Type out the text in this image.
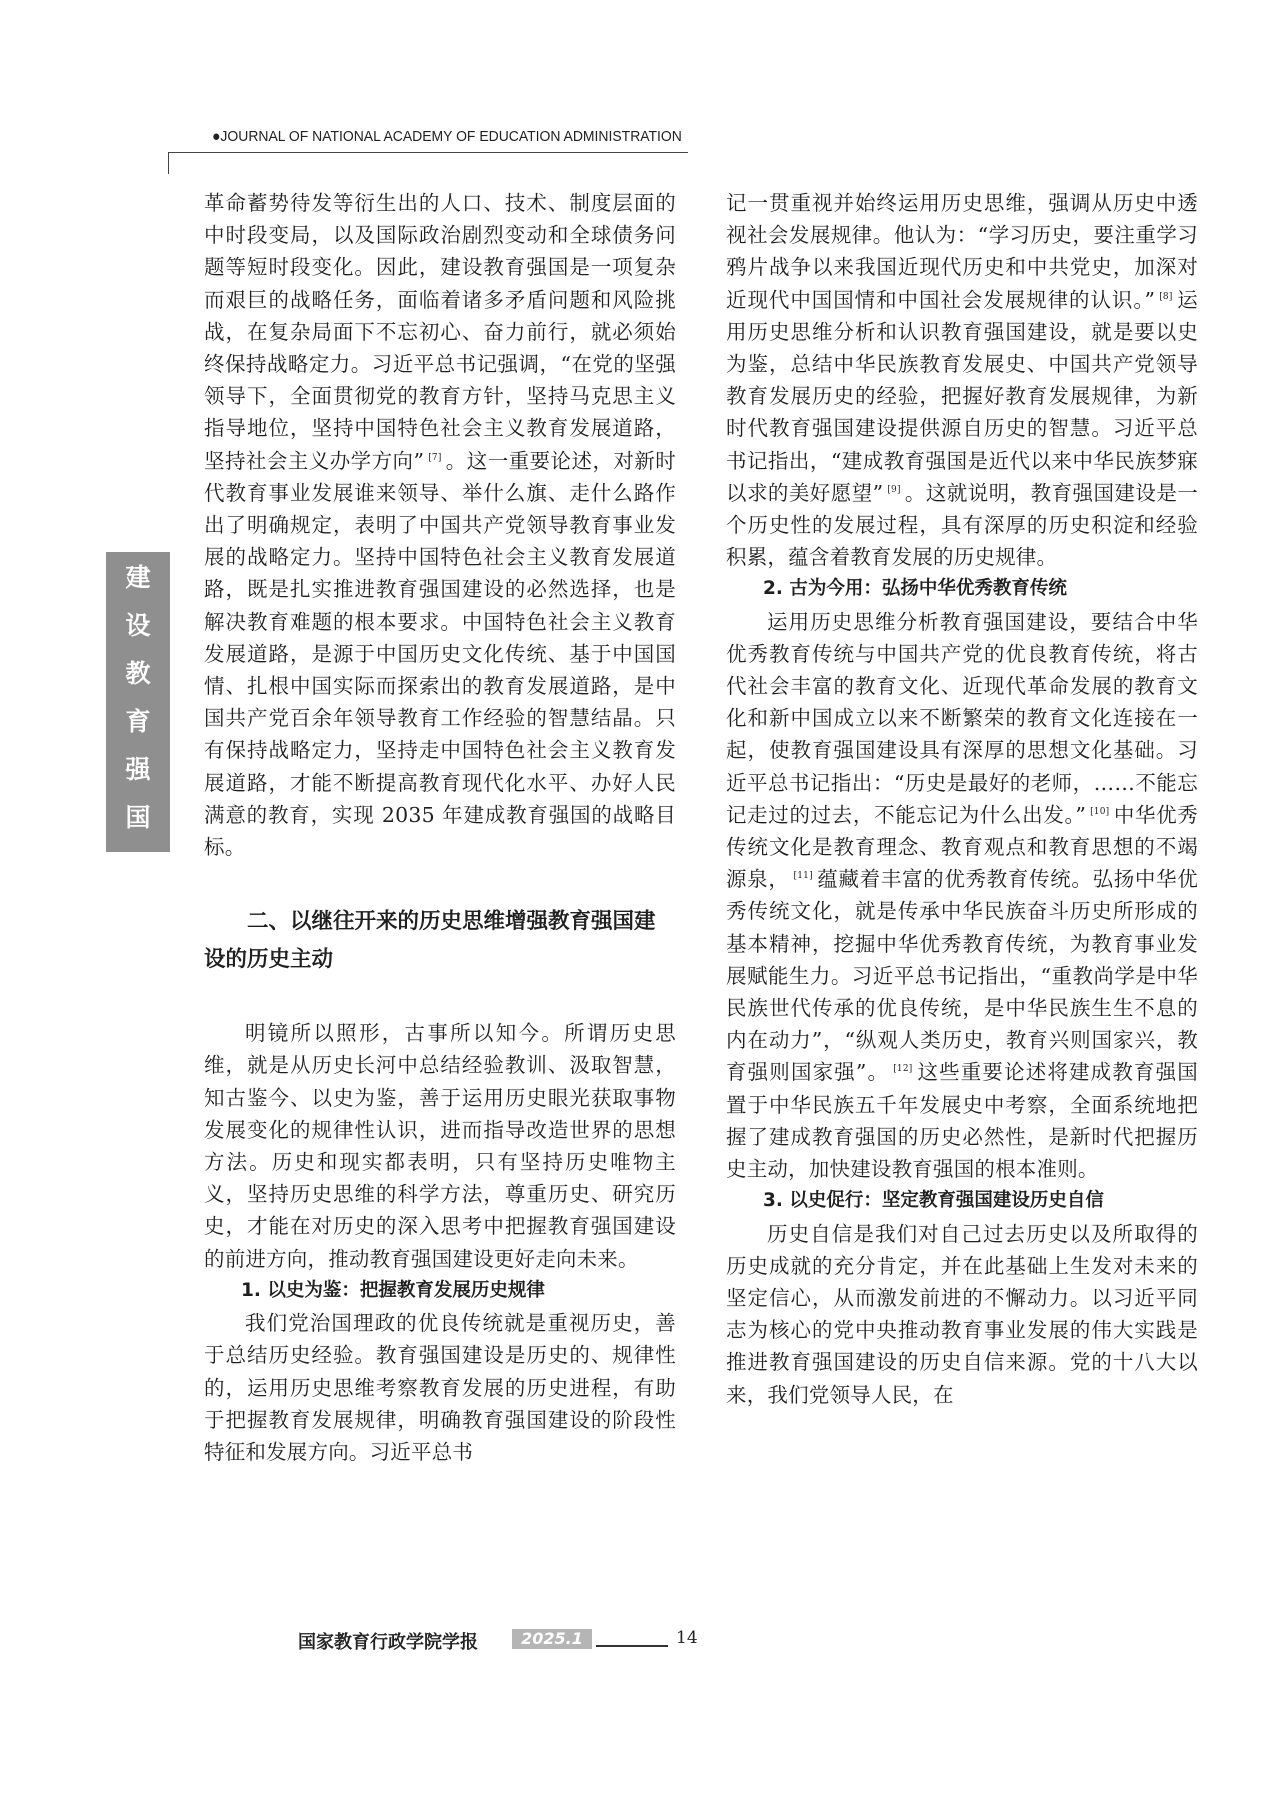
●JOURNAL OF NATIONAL ACADEMY OF EDUCATION ADMINISTRATION
建
设
教
育
强
国

革命蓄势待发等衍生出的人口、技术、制度层面的中时段变局，以及国际政治剧烈变动和全球债务问题等短时段变化。因此，建设教育强国是一项复杂而艰巨的战略任务，面临着诸多矛盾问题和风险挑战，在复杂局面下不忘初心、奋力前行，就必须始终保持战略定力。习近平总书记强调，“在党的坚强领导下，全面贯彻党的教育方针，坚持马克思主义指导地位，坚持中国特色社会主义教育发展道路，坚持社会主义办学方向” [7] 。这一重要论述，对新时代教育事业发展谁来领导、举什么旗、走什么路作出了明确规定，表明了中国共产党领导教育事业发展的战略定力。坚持中国特色社会主义教育发展道路，既是扎实推进教育强国建设的必然选择，也是解决教育难题的根本要求。中国特色社会主义教育发展道路，是源于中国历史文化传统、基于中国国情、扎根中国实际而探索出的教育发展道路，是中国共产党百余年领导教育工作经验的智慧结晶。只有保持战略定力，坚持走中国特色社会主义教育发展道路，才能不断提高教育现代化水平、办好人民满意的教育，实现 2035 年建成教育强国的战略目标。

二、以继往开来的历史思维增强教育强国建设的历史主动

明镜所以照形，古事所以知今。所谓历史思维，就是从历史长河中总结经验教训、汲取智慧，知古鉴今、以史为鉴，善于运用历史眼光获取事物发展变化的规律性认识，进而指导改造世界的思想方法。历史和现实都表明，只有坚持历史唯物主义，坚持历史思维的科学方法，尊重历史、研究历史，才能在对历史的深入思考中把握教育强国建设的前进方向，推动教育强国建设更好走向未来。

1. 以史为鉴：把握教育发展历史规律

我们党治国理政的优良传统就是重视历史，善于总结历史经验。教育强国建设是历史的、规律性的，运用历史思维考察教育发展的历史进程，有助于把握教育发展规律，明确教育强国建设的阶段性特征和发展方向。习近平总书

记一贯重视并始终运用历史思维，强调从历史中透视社会发展规律。他认为：“学习历史，要注重学习鸦片战争以来我国近现代历史和中共党史，加深对近现代中国国情和中国社会发展规律的认识。” [8] 运用历史思维分析和认识教育强国建设，就是要以史为鉴，总结中华民族教育发展史、中国共产党领导教育发展历史的经验，把握好教育发展规律，为新时代教育强国建设提供源自历史的智慧。习近平总书记指出，“建成教育强国是近代以来中华民族梦寐以求的美好愿望” [9] 。这就说明，教育强国建设是一个历史性的发展过程，具有深厚的历史积淀和经验积累，蕴含着教育发展的历史规律。

2. 古为今用：弘扬中华优秀教育传统

运用历史思维分析教育强国建设，要结合中华优秀教育传统与中国共产党的优良教育传统，将古代社会丰富的教育文化、近现代革命发展的教育文化和新中国成立以来不断繁荣的教育文化连接在一起，使教育强国建设具有深厚的思想文化基础。习近平总书记指出：“历史是最好的老师，……不能忘记走过的过去，不能忘记为什么出发。” [10] 中华优秀传统文化是教育理念、教育观点和教育思想的不竭源泉， [11] 蕴藏着丰富的优秀教育传统。弘扬中华优秀传统文化，就是传承中华民族奋斗历史所形成的基本精神，挖掘中华优秀教育传统，为教育事业发展赋能生力。习近平总书记指出，“重教尚学是中华民族世代传承的优良传统，是中华民族生生不息的内在动力”，“纵观人类历史，教育兴则国家兴，教育强则国家强”。 [12] 这些重要论述将建成教育强国置于中华民族五千年发展史中考察，全面系统地把握了建成教育强国的历史必然性，是新时代把握历史主动，加快建设教育强国的根本准则。

3. 以史促行：坚定教育强国建设历史自信

历史自信是我们对自己过去历史以及所取得的历史成就的充分肯定，并在此基础上生发对未来的坚定信心，从而激发前进的不懈动力。以习近平同志为核心的党中央推动教育事业发展的伟大实践是推进教育强国建设的历史自信来源。党的十八大以来，我们党领导人民，在

国家教育行政学院学报	2025.1	14
